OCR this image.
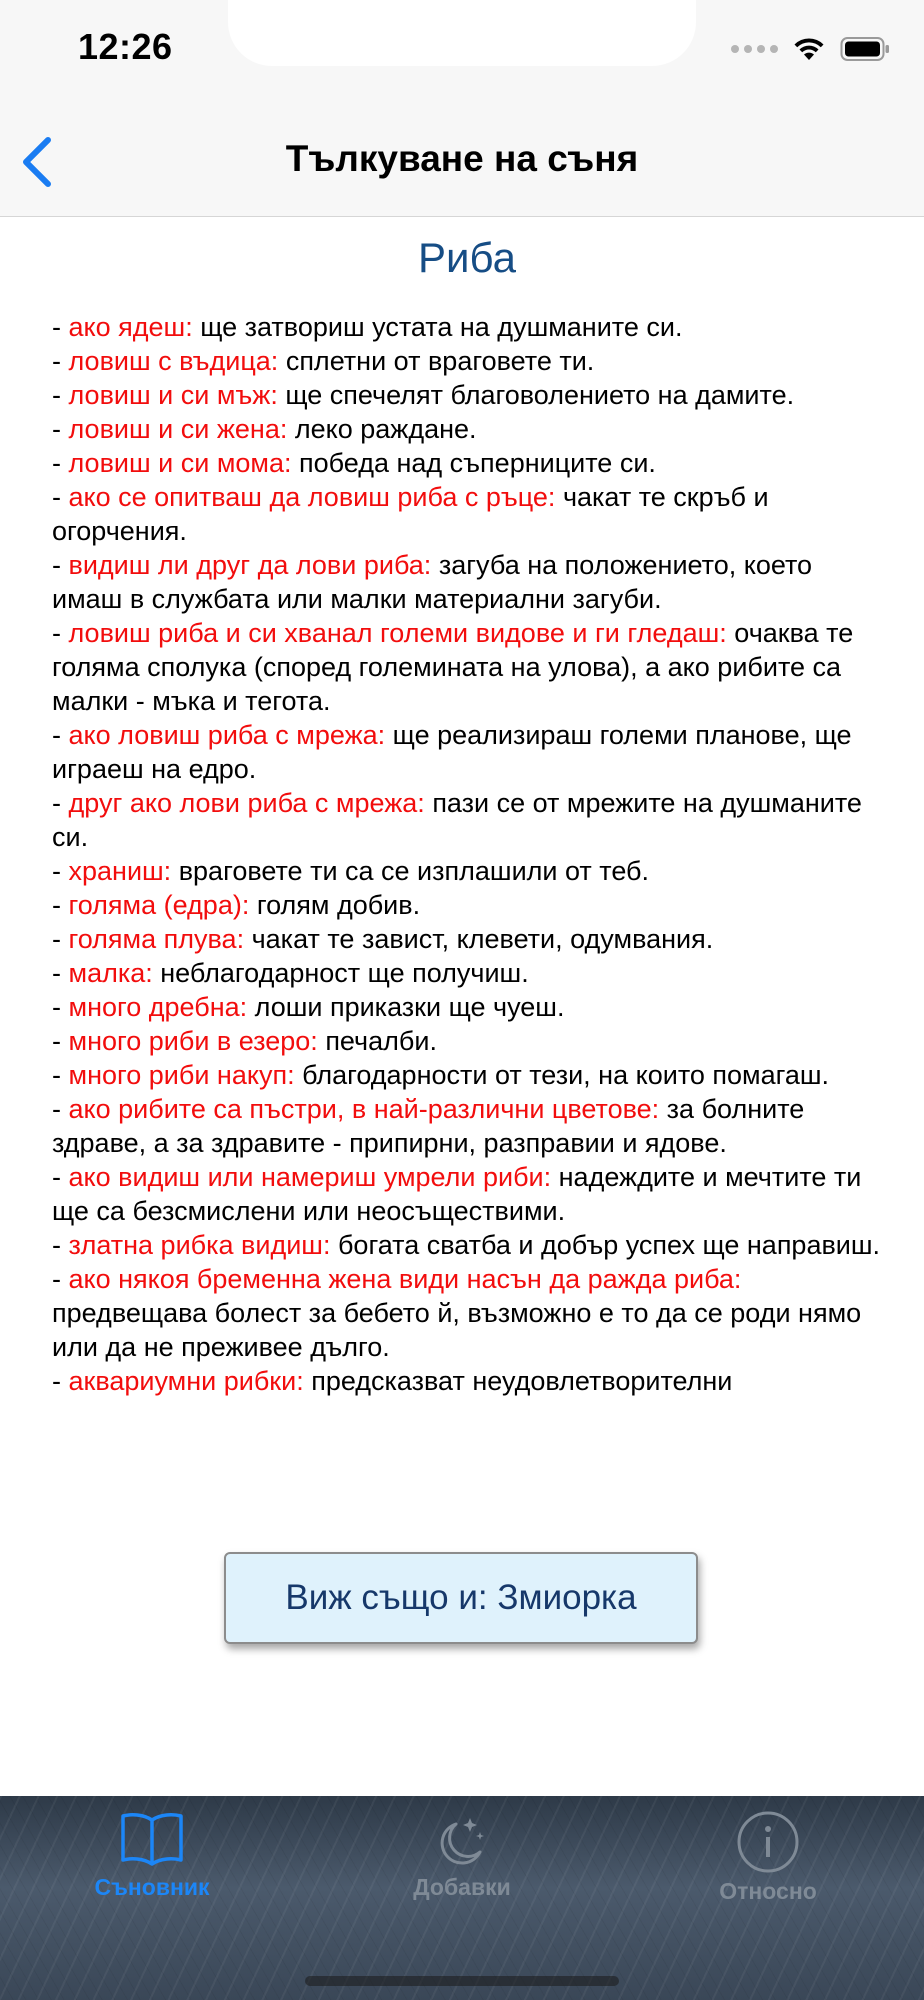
12:26
Тълкуване на съня
Риба

- ако ядеш: ще затвориш устата на душманите си.

- ловиш с въдица: сплетни от враговете ти.

- ловиш и си мъж: ще спечелят благоволението на дамите.

- ловиш и си жена: леко раждане.

- ловиш и си мома: победа над съперниците си.

- ако се опитваш да ловиш риба с ръце: чакат те скръб и огорчения.

- видиш ли друг да лови риба: загуба на положението, което имаш в службата или малки материални загуби.

- ловиш риба и си хванал големи видове и ги гледаш: очаква те голяма сполука (според големината на улова), а ако рибите са малки - мъка и тегота.

- ако ловиш риба с мрежа: ще реализираш големи планове, ще играеш на едро.

- друг ако лови риба с мрежа: пази се от мрежите на душманите си.

- храниш: враговете ти са се изплашили от теб.

- голяма (едра): голям добив.

- голяма плува: чакат те завист, клевети, одумвания.

- малка: неблагодарност ще получиш.

- много дребна: лоши приказки ще чуеш.

- много риби в езеро: печалби.

- много риби накуп: благодарности от тези, на които помагаш.

- ако рибите са пъстри, в най-различни цветове: за болните здраве, а за здравите - припирни, разправии и ядове.

- ако видиш или намериш умрели риби: надеждите и мечтите ти ще са безсмислени или неосъществими.

- златна рибка видиш: богата сватба и добър успех ще направиш.

- ако някоя бременна жена види насън да ражда риба: предвещава болест за бебето й, възможно е то да се роди нямо или да не преживее дълго.

- аквариумни рибки: предсказват неудовлетворителни

Виж също и: Змиорка
Съновник	Добавки	Относно
